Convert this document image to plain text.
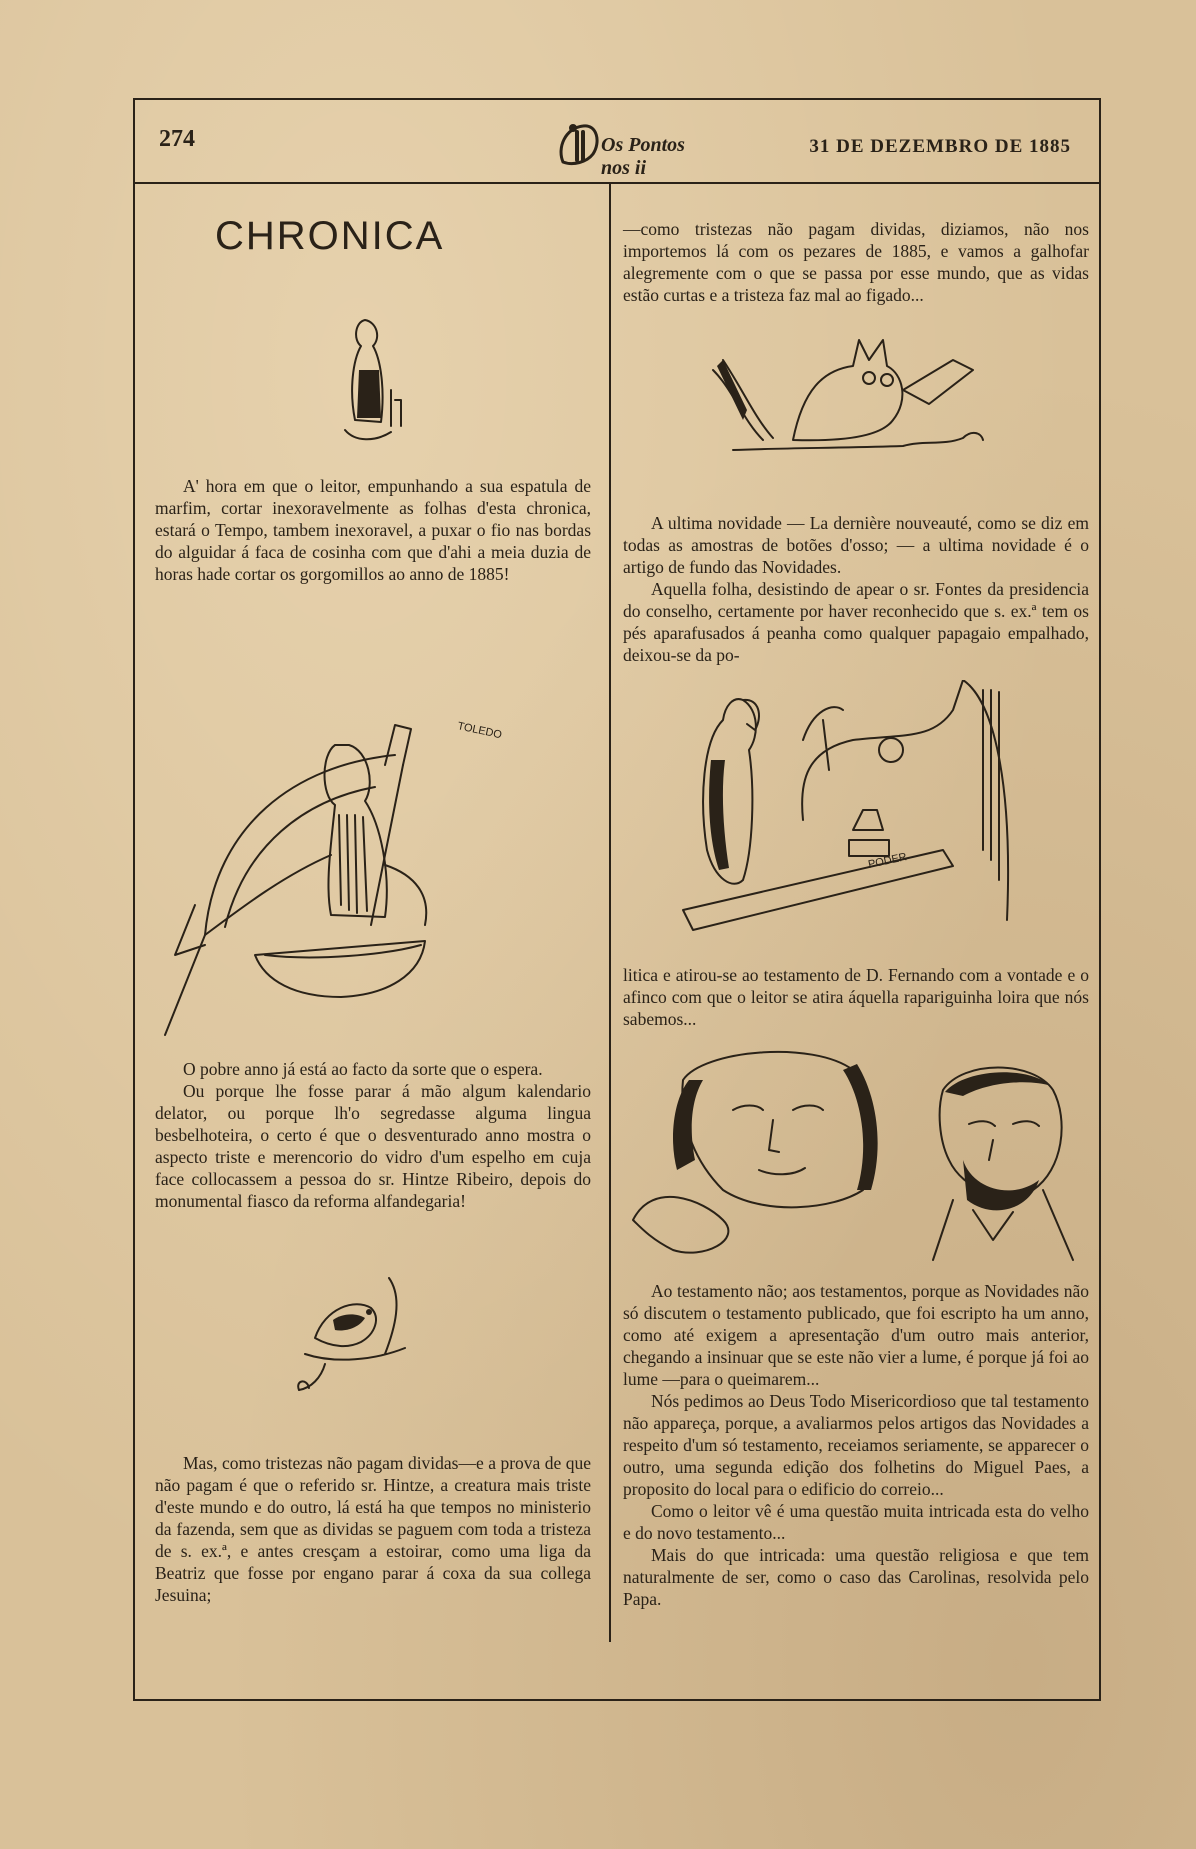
274	Os Pontos nos ii
31 DE DEZEMBRO DE 1885
CHRONICA

A' hora em que o leitor, empunhando a sua espatula de marfim, cortar inexoravelmente as folhas d'esta chronica, estará o Tempo, tambem inexoravel, a puxar o fio nas bordas do alguidar á faca de cosinha com que d'ahi a meia duzia de horas hade cortar os gorgomillos ao anno de 1885!

TOLEDO

O pobre anno já está ao facto da sorte que o espera.

Ou porque lhe fosse parar á mão algum kalendario delator, ou porque lh'o segredasse alguma lingua besbelhoteira, o certo é que o desventurado anno mostra o aspecto triste e merencorio do vidro d'um espelho em cuja face collocassem a pessoa do sr. Hintze Ribeiro, depois do monumental fiasco da reforma alfandegaria!

Mas, como tristezas não pagam dividas—e a prova de que não pagam é que o referido sr. Hintze, a creatura mais triste d'este mundo e do outro, lá está ha que tempos no ministerio da fazenda, sem que as dividas se paguem com toda a tristeza de s. ex.ª, e antes cresçam a estoirar, como uma liga da Beatriz que fosse por engano parar á coxa da sua collega Jesuina;

—como tristezas não pagam dividas, diziamos, não nos importemos lá com os pezares de 1885, e vamos a galhofar alegremente com o que se passa por esse mundo, que as vidas estão curtas e a tristeza faz mal ao figado...

A ultima novidade — La dernière nouveauté, como se diz em todas as amostras de botões d'osso; — a ultima novidade é o artigo de fundo das Novidades.

Aquella folha, desistindo de apear o sr. Fontes da presidencia do conselho, certamente por haver reconhecido que s. ex.ª tem os pés aparafusados á peanha como qualquer papagaio empalhado, deixou-se da po-

PODER

litica e atirou-se ao testamento de D. Fernando com a vontade e o afinco com que o leitor se atira áquella rapariguinha loira que nós sabemos...

Ao testamento não; aos testamentos, porque as Novidades não só discutem o testamento publicado, que foi escripto ha um anno, como até exigem a apresentação d'um outro mais anterior, chegando a insinuar que se este não vier a lume, é porque já foi ao lume —para o queimarem...

Nós pedimos ao Deus Todo Misericordioso que tal testamento não appareça, porque, a avaliarmos pelos artigos das Novidades a respeito d'um só testamento, receiamos seriamente, se apparecer o outro, uma segunda edição dos folhetins do Miguel Paes, a proposito do local para o edificio do correio...

Como o leitor vê é uma questão muita intricada esta do velho e do novo testamento...

Mais do que intricada: uma questão religiosa e que tem naturalmente de ser, como o caso das Carolinas, resolvida pelo Papa.
